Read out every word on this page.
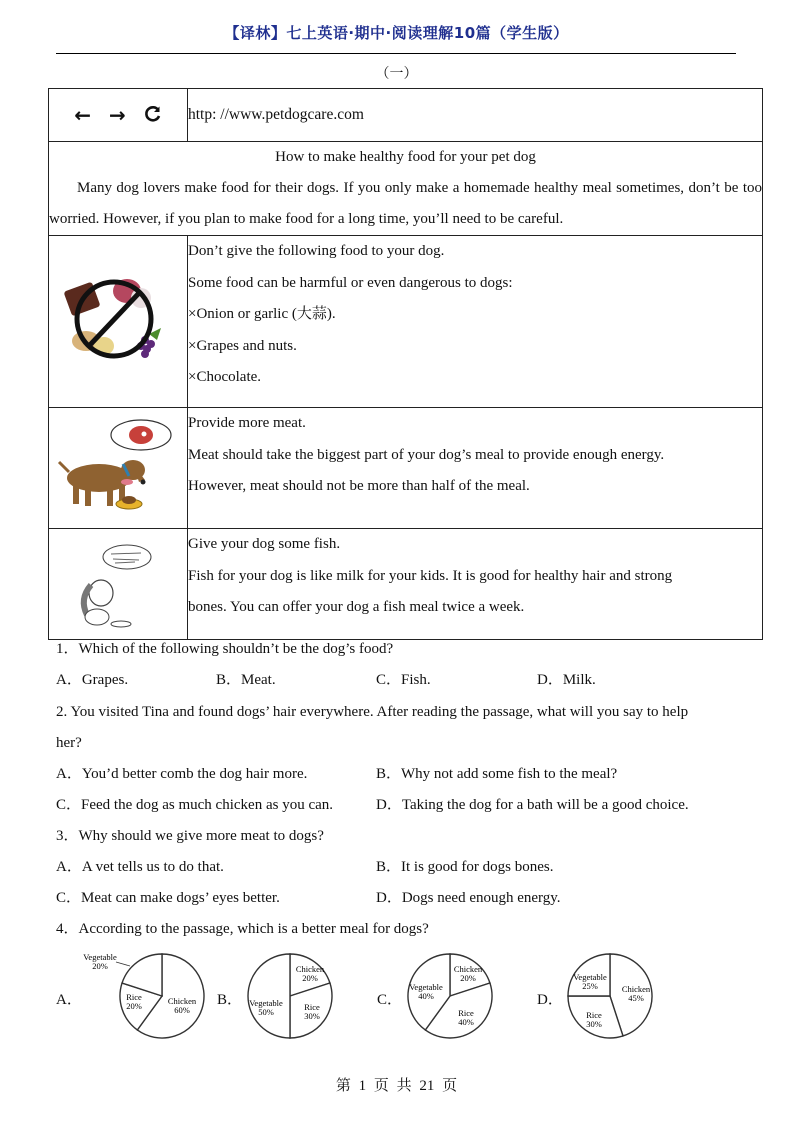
【译林】七上英语·期中·阅读理解10篇（学生版）
（一）
← →	http: //www.petdogcare.com

How to make healthy food for your pet dog
Many dog lovers make food for their dogs. If you only make a homemade healthy meal sometimes, don’t be too worried. However, if you plan to make food for a long time, you’ll need to be careful.	

Don’t give the following food to your dog.
Some food can be harmful or even dangerous to dogs:
×Onion or garlic (大蒜).
×Grapes and nuts.
×Chocolate.

Provide more meat.
Meat should take the biggest part of your dog’s meal to provide enough energy.
However, meat should not be more than half of the meal.

Give your dog some fish.
Fish for your dog is like milk for your kids. It is good for healthy hair and strong
bones. You can offer your dog a fish meal twice a week.
1．Which of the following shouldn’t be the dog’s food?
A．Grapes.	B．Meat.	C．Fish.	D．Milk.
2. You visited Tina and found dogs’ hair everywhere. After reading the passage, what will you say to help
her?
A．You’d better comb the dog hair more.	B．Why not add some fish to the meal?
C．Feed the dog as much chicken as you can.	D．Taking the dog for a bath will be a good choice.
3．Why should we give more meat to dogs?
A．A vet tells us to do that.	B．It is good for dogs bones.
C．Meat can make dogs’ eyes better.	D．Dogs need enough energy.
4．According to the passage, which is a better meal for dogs?
A．	B．	C．	D．
Chicken
60%
Rice
20%
Vegetable
20%	Chicken
20%
Rice
30%
Vegetable
50%
Chicken
20%
Rice
40%
Vegetable
40%
Chicken
45%
Rice
30%
Vegetable
25%
第 1 页 共 21 页
